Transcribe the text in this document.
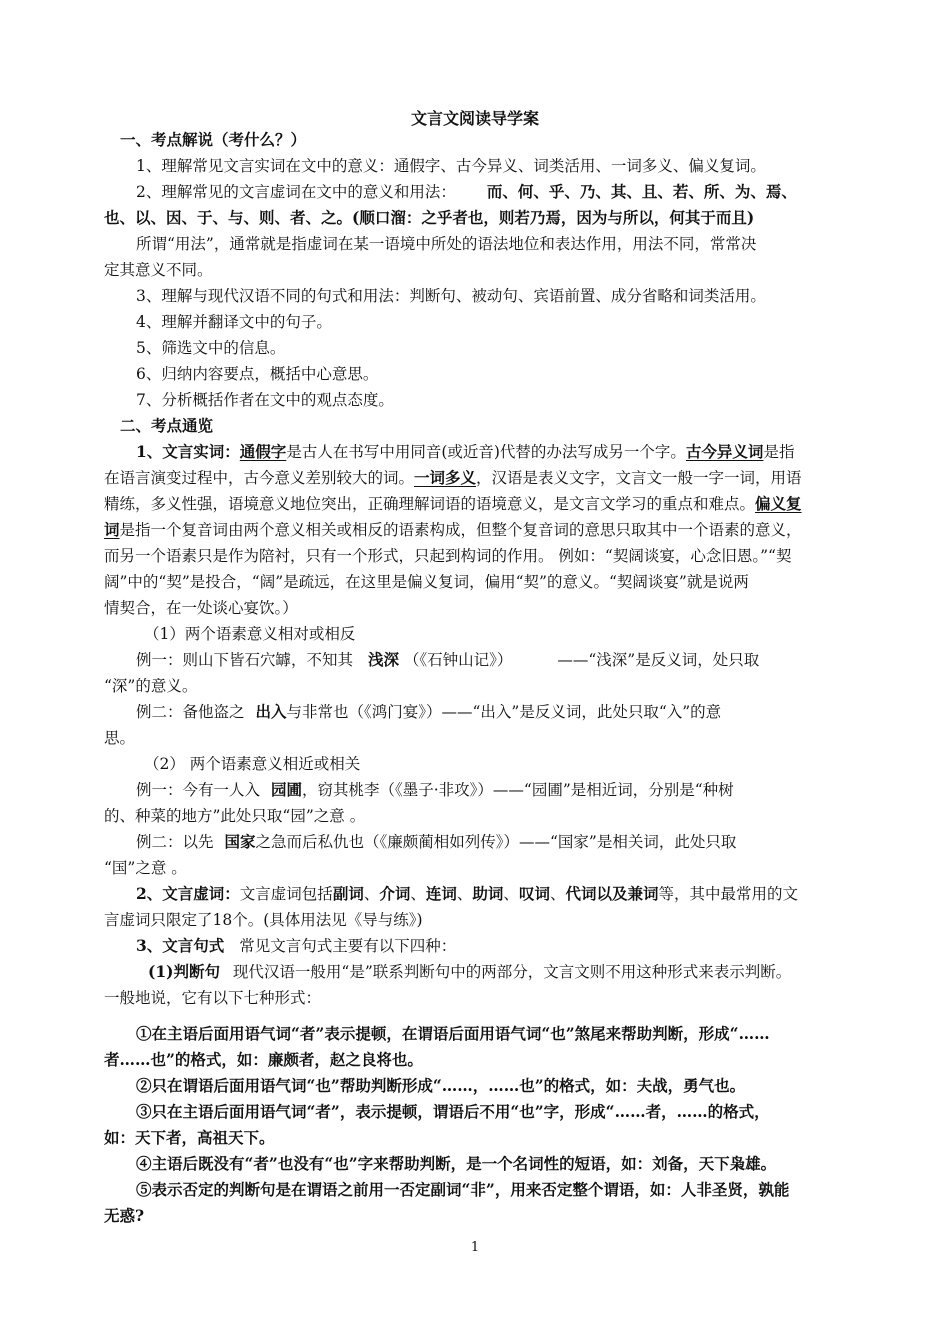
文言文阅读导学案
一、考点解说（考什么？）
1、理解常见文言实词在文中的意义：通假字、古今异义、词类活用、一词多义、偏义复词。
2、理解常见的文言虚词在文中的意义和用法： 而、何、乎、乃、其、且、若、所、为、焉、
也、以、因、于、与、则、者、之。(顺口溜：之乎者也，则若乃焉，因为与所以，何其于而且)
所谓“用法”，通常就是指虚词在某一语境中所处的语法地位和表达作用，用法不同，常常决
定其意义不同。
3、理解与现代汉语不同的句式和用法：判断句、被动句、宾语前置、成分省略和词类活用。
4、理解并翻译文中的句子。
5、筛选文中的信息。
6、归纳内容要点，概括中心意思。
7、分析概括作者在文中的观点态度。
二、考点通览
1、文言实词：通假字是古人在书写中用同音(或近音)代替的办法写成另一个字。古今异义词是指
在语言演变过程中，古今意义差别较大的词。一词多义，汉语是表义文字，文言文一般一字一词，用语
精练，多义性强，语境意义地位突出，正确理解词语的语境意义，是文言文学习的重点和难点。偏义复
词是指一个复音词由两个意义相关或相反的语素构成，但整个复音词的意思只取其中一个语素的意义，
而另一个语素只是作为陪衬，只有一个形式，只起到构词的作用。 例如：“契阔谈宴，心念旧恩。”“契
阔”中的“契”是投合，“阔”是疏远，在这里是偏义复词，偏用“契”的意义。“契阔谈宴”就是说两
情契合，在一处谈心宴饮。）
（1）两个语素意义相对或相反
例一：则山下皆石穴罅，不知其 浅深 （《石钟山记》）	——“浅深”是反义词，处只取
“深”的意义。
例二：备他盗之 出入与非常也（《鸿门宴》）——“出入”是反义词，此处只取“入”的意
思。
（2） 两个语素意义相近或相关
例一：今有一人入 园圃，窃其桃李（《墨子·非攻》）——“园圃”是相近词，分别是“种树
的、种菜的地方”此处只取“园”之意 。
例二：以先 国家之急而后私仇也（《廉颇蔺相如列传》）——“国家”是相关词，此处只取
“国”之意 。
2、文言虚词：文言虚词包括副词、介词、连词、助词、叹词、代词以及兼词等，其中最常用的文
言虚词只限定了18个。(具体用法见《导与练》)
3、文言句式 常见文言句式主要有以下四种：
(1)判断句 现代汉语一般用“是”联系判断句中的两部分，文言文则不用这种形式来表示判断。
一般地说，它有以下七种形式：
①在主语后面用语气词“者”表示提顿，在谓语后面用语气词“也”煞尾来帮助判断，形成“……
者……也”的格式，如：廉颇者，赵之良将也。
②只在谓语后面用语气词“也”帮助判断形成“……，……也”的格式，如：夫战，勇气也。
③只在主语后面用语气词“者”，表示提顿，谓语后不用“也”字，形成“……者，……的格式，
如：天下者，高祖天下。
④主语后既没有“者”也没有“也”字来帮助判断，是一个名词性的短语，如：刘备，天下枭雄。
⑤表示否定的判断句是在谓语之前用一否定副词“非”，用来否定整个谓语，如：人非圣贤，孰能
无惑?
1
